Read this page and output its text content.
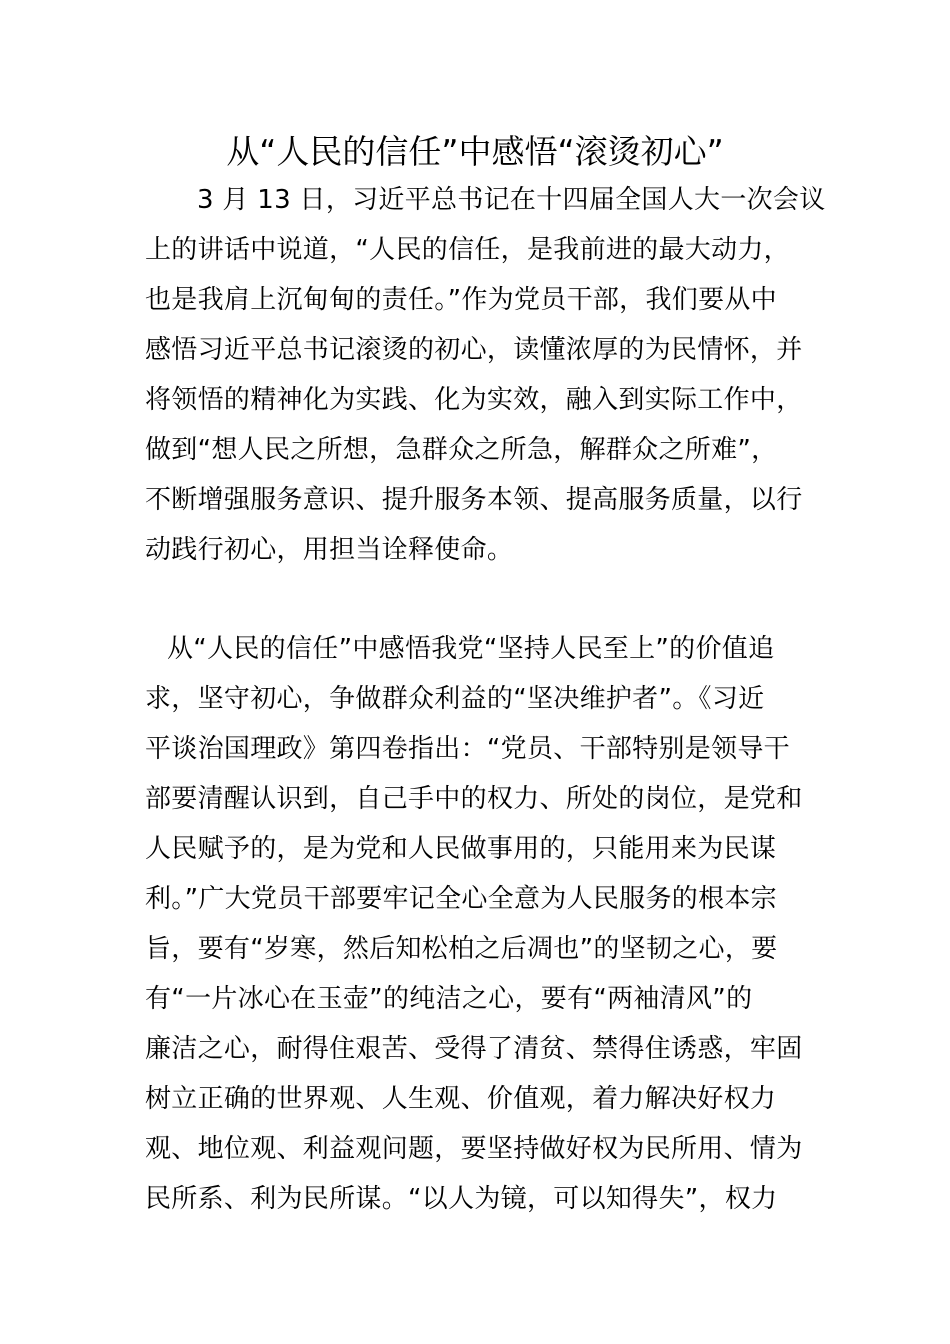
从“人民的信任”中感悟“滚烫初心”
3 月 13 日，习近平总书记在十四届全国人大一次会议
上的讲话中说道，“人民的信任，是我前进的最大动力，
也是我肩上沉甸甸的责任。”作为党员干部，我们要从中
感悟习近平总书记滚烫的初心，读懂浓厚的为民情怀，并
将领悟的精神化为实践、化为实效，融入到实际工作中，
做到“想人民之所想，急群众之所急，解群众之所难”，
不断增强服务意识、提升服务本领、提高服务质量，以行
动践行初心，用担当诠释使命。
从“人民的信任”中感悟我党“坚持人民至上”的价值追
求，坚守初心，争做群众利益的“坚决维护者”。《习近
平谈治国理政》第四卷指出：“党员、干部特别是领导干
部要清醒认识到，自己手中的权力、所处的岗位，是党和
人民赋予的，是为党和人民做事用的，只能用来为民谋
利。”广大党员干部要牢记全心全意为人民服务的根本宗
旨，要有“岁寒，然后知松柏之后凋也”的坚韧之心，要
有“一片冰心在玉壶”的纯洁之心，要有“两袖清风”的
廉洁之心，耐得住艰苦、受得了清贫、禁得住诱惑，牢固
树立正确的世界观、人生观、价值观，着力解决好权力
观、地位观、利益观问题，要坚持做好权为民所用、情为
民所系、利为民所谋。“以人为镜，可以知得失”，权力
